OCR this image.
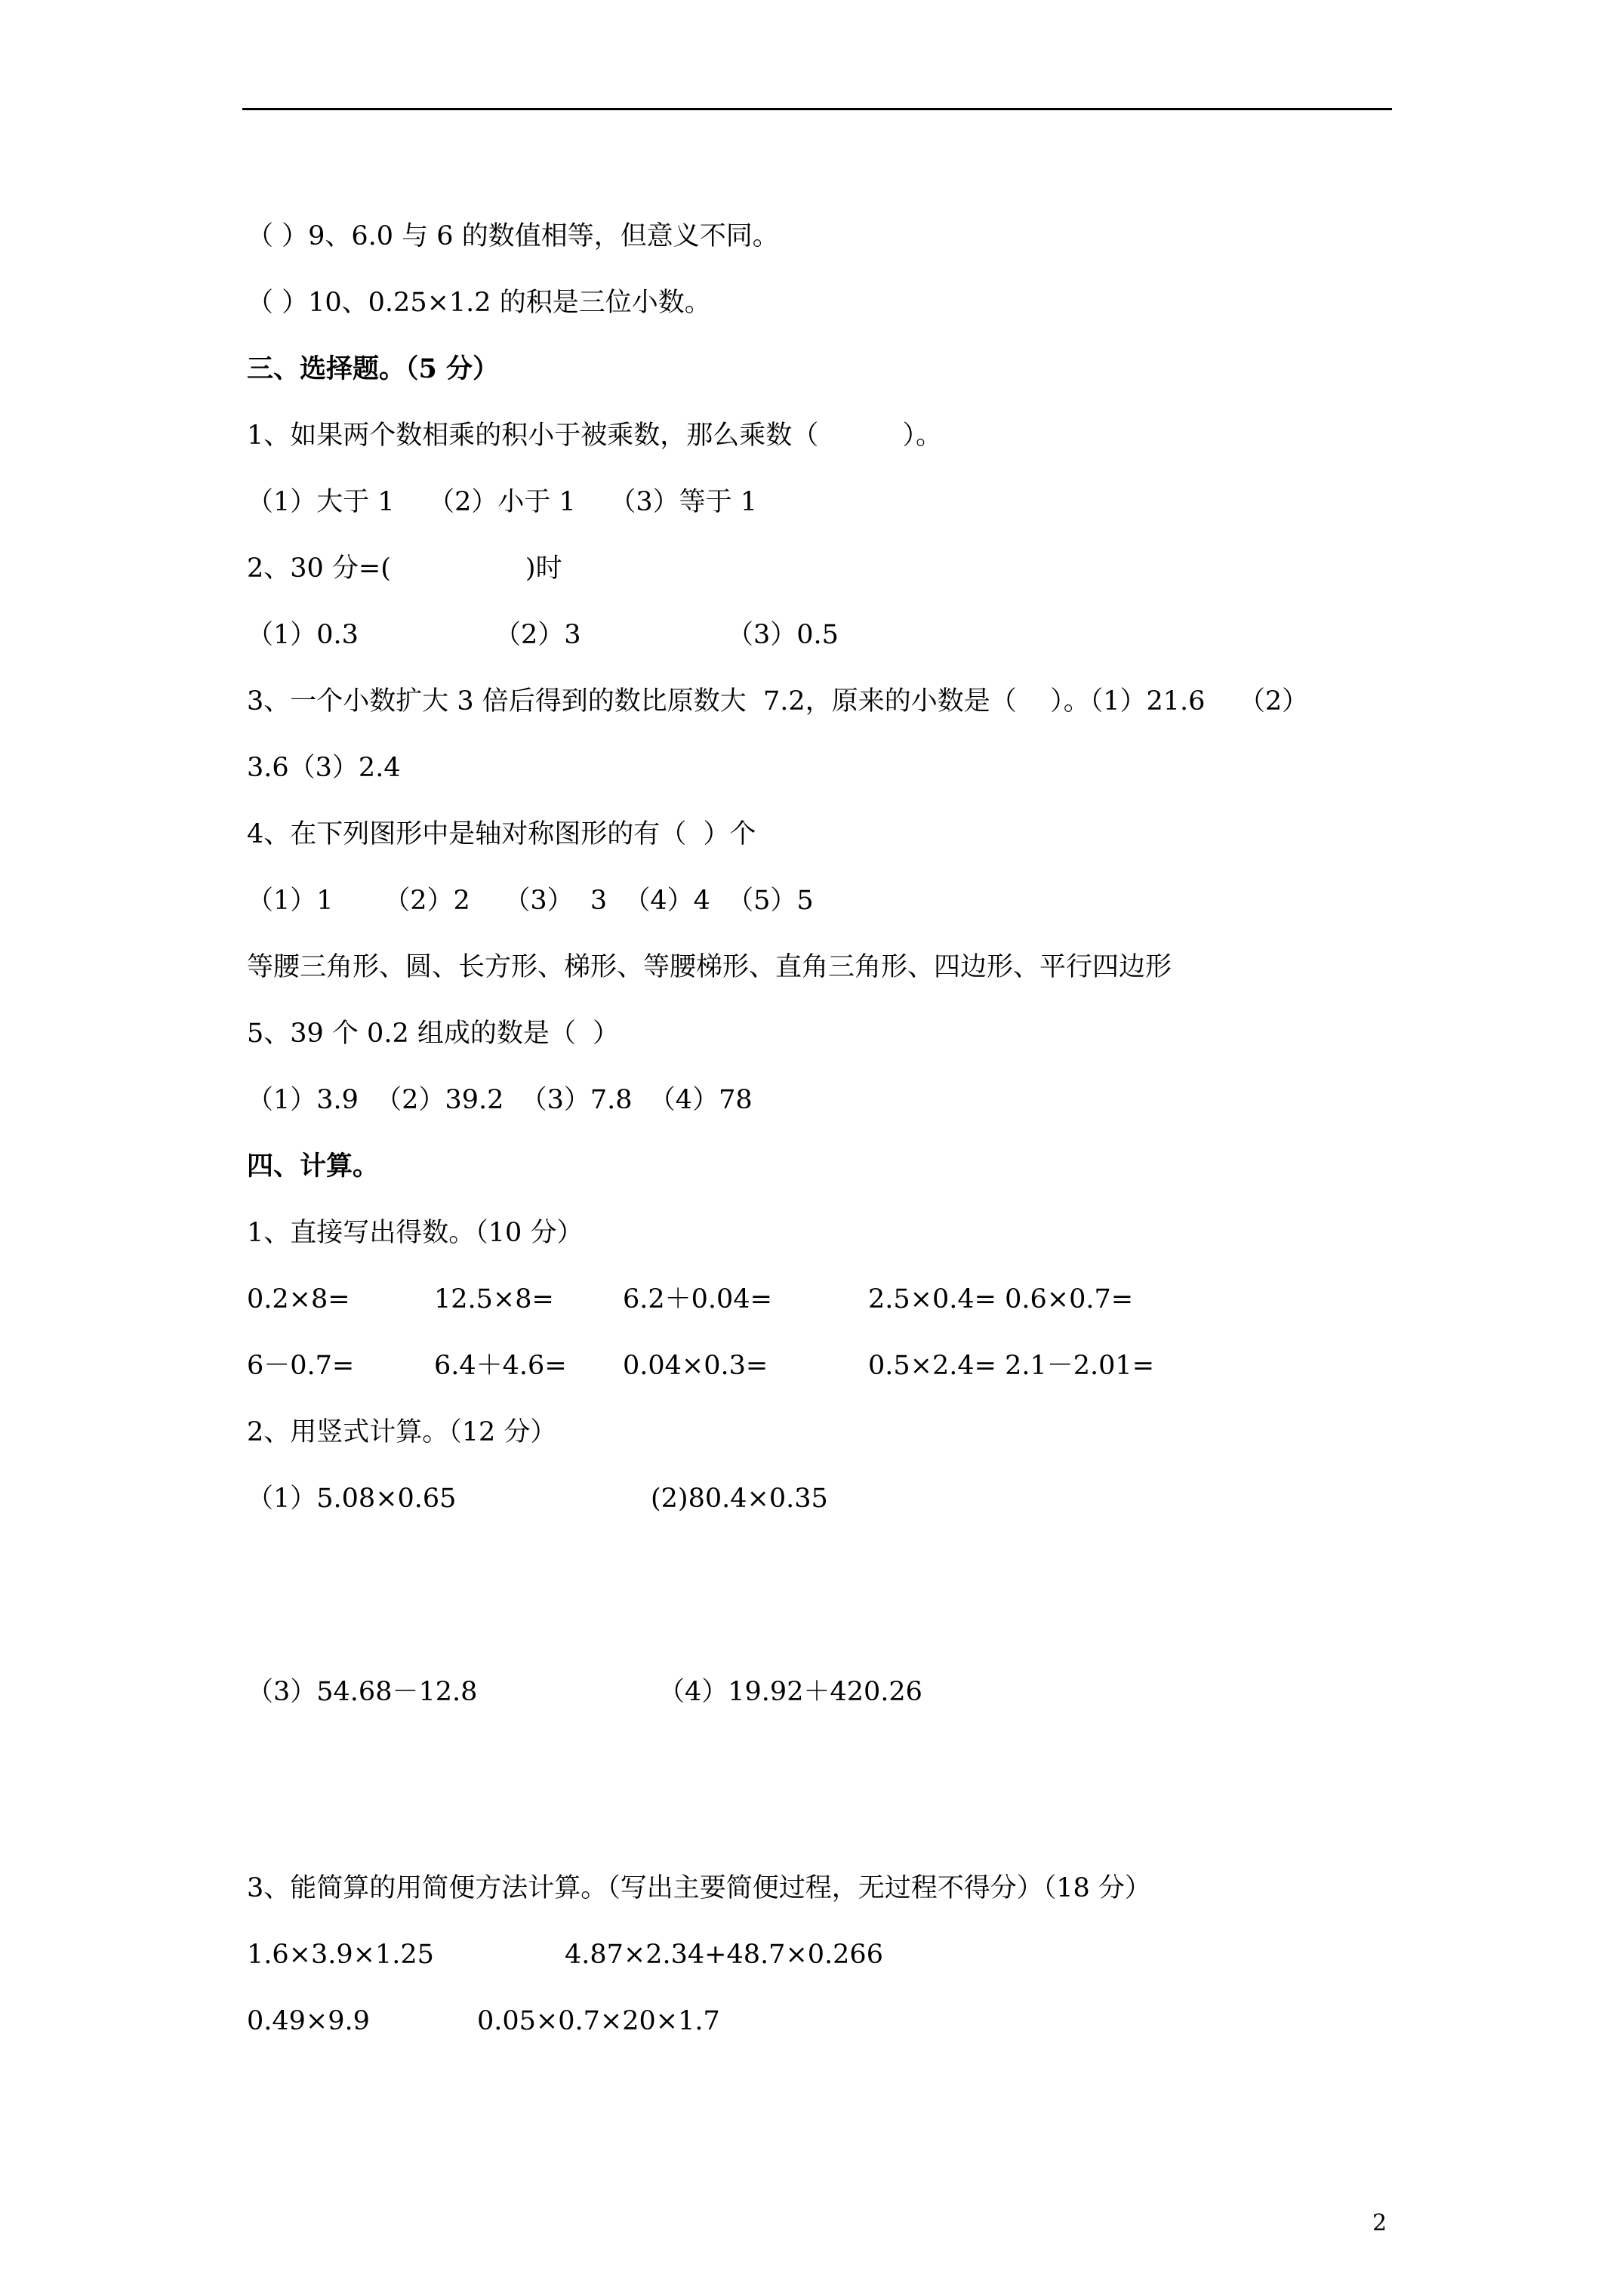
（ ）9、6.0 与 6 的数值相等，但意义不同。
（ ）10、0.25×1.2 的积是三位小数。
三、选择题。（5 分）
1、如果两个数相乘的积小于被乘数，那么乘数（          ）。
（1）大于 1    （2）小于 1    （3）等于 1
2、30 分=(                )时
（1）0.3	（2）3	（3）0.5
3、一个小数扩大 3 倍后得到的数比原数大  7.2，原来的小数是（    ）。（1）21.6    （2）
3.6（3）2.4
4、在下列图形中是轴对称图形的有（  ）个
（1）1      （2）2    （3）  3  （4）4  （5）5
等腰三角形、圆、长方形、梯形、等腰梯形、直角三角形、四边形、平行四边形
5、39 个 0.2 组成的数是（  ）
（1）3.9  （2）39.2  （3）7.8  （4）78
四、计算。
1、直接写出得数。（10 分）
0.2×8=	12.5×8=	6.2＋0.04=	2.5×0.4= 0.6×0.7=
6－0.7=	6.4＋4.6= 0.04×0.3=	0.5×2.4= 2.1－2.01=
2、用竖式计算。（12 分）
（1）5.08×0.65	(2)80.4×0.35
（3）54.68－12.8	（4）19.92＋420.26
3、能简算的用简便方法计算。（写出主要简便过程，无过程不得分）（18 分）
1.6×3.9×1.25	4.87×2.34+48.7×0.266
0.49×9.9	0.05×0.7×20×1.7
2
